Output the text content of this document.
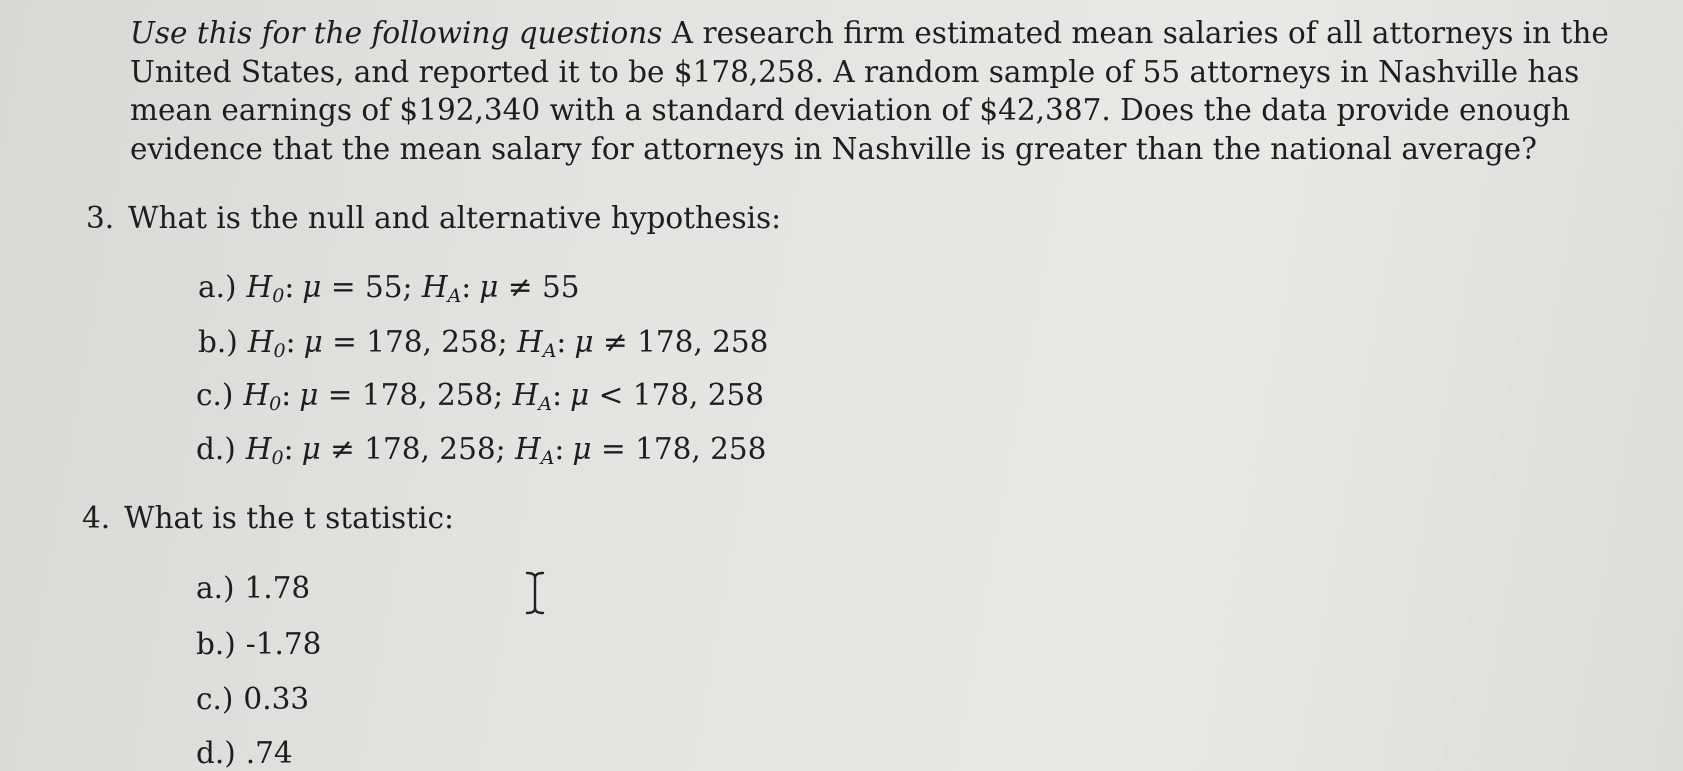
Use this for the following questions A research firm estimated mean salaries of all attorneys in the United States, and reported it to be $178,258. A random sample of 55 attorneys in Nashville has mean earnings of $192,340 with a standard deviation of $42,387. Does the data provide enough evidence that the mean salary for attorneys in Nashville is greater than the national average?

3. What is the null and alternative hypothesis:

a.) $H_0$: μ = 55; $H_A$: μ ≠ 55

b.) $H_0$: μ = 178, 258; $H_A$: μ ≠ 178, 258

c.) $H_0$: μ = 178, 258; $H_A$: μ < 178, 258

d.) $H_0$: μ ≠ 178, 258; $H_A$: μ = 178, 258

4. What is the t statistic:

a.) 1.78

b.) -1.78

c.) 0.33

d.) .74
